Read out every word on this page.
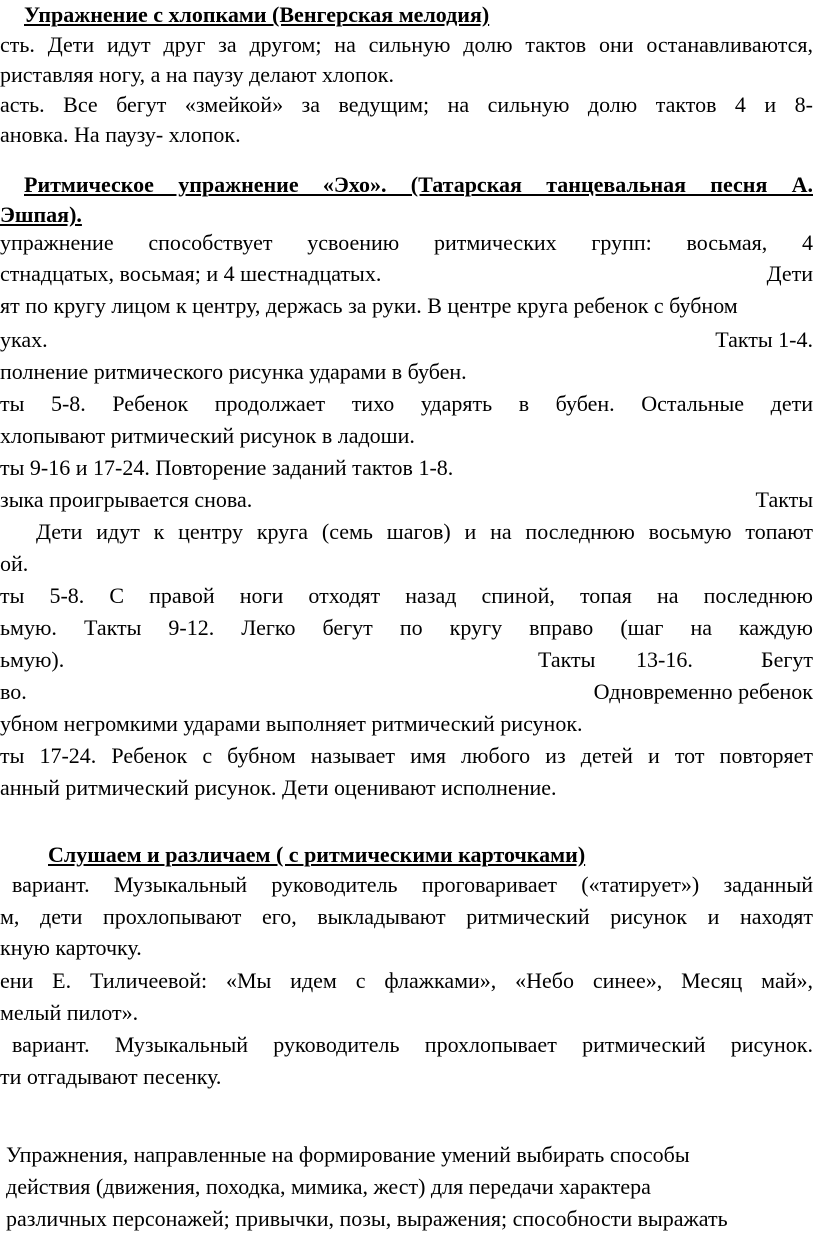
Упражнение с хлопками (Венгерская мелодия)
сть. Дети идут друг за другом; на сильную долю тактов они останавливаются,
риставляя ногу, а на паузу делают хлопок.
асть. Все бегут «змейкой» за ведущим; на сильную долю тактов 4 и 8-
ановка. На паузу- хлопок.
Ритмическое упражнение «Эхо». (Татарская танцевальная песня А.
Эшпая).
упражнение способствует усвоению ритмических групп: восьмая, 4
стнадцатых, восьмая; и 4 шестнадцатых.	Дети
ят по кругу лицом к центру, держась за руки. В центре круга ребенок с бубном
уках.	Такты 1-4.
полнение ритмического рисунка ударами в бубен.
ты 5-8. Ребенок продолжает тихо ударять в бубен. Остальные дети
хлопывают ритмический рисунок в ладоши.
ты 9-16 и 17-24. Повторение заданий тактов 1-8.
зыка проигрывается снова.	Такты
Дети идут к центру круга (семь шагов) и на последнюю восьмую топают
ой.
ты 5-8. С правой ноги отходят назад спиной, топая на последнюю
ьмую. Такты 9-12. Легко бегут по кругу вправо (шаг на каждую
ьмую).	Такты 13-16.	Бегут
во.	Одновременно ребенок
убном негромкими ударами выполняет ритмический рисунок.
ты 17-24. Ребенок с бубном называет имя любого из детей и тот повторяет
анный ритмический рисунок. Дети оценивают исполнение.
Слушаем и различаем ( с ритмическими карточками)
вариант. Музыкальный руководитель проговаривает («татирует») заданный
м, дети прохлопывают его, выкладывают ритмический рисунок и находят
кную карточку.
ени Е. Тиличеевой: «Мы идем с флажками», «Небо синее», Месяц май»,
мелый пилот».
вариант. Музыкальный руководитель прохлопывает ритмический рисунок.
ти отгадывают песенку.
Упражнения, направленные на формирование умений выбирать способы
действия (движения, походка, мимика, жест) для передачи характера
различных персонажей; привычки, позы, выражения; способности выражать
